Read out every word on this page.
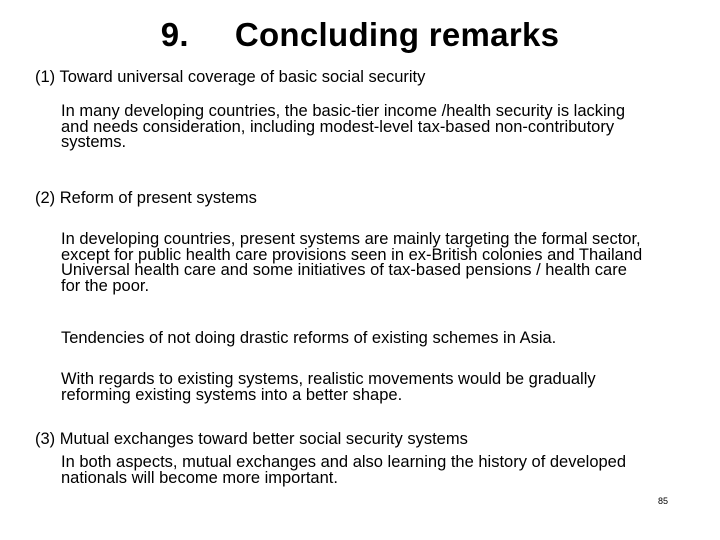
9. Concluding remarks
(1) Toward universal coverage of basic social security
In many developing countries, the basic-tier income /health security is lacking
and needs consideration, including modest-level tax-based non-contributory
systems.
(2) Reform of present systems
In developing countries, present systems are mainly targeting the formal sector,
except for public health care provisions seen in ex-British colonies and Thailand
Universal health care and some initiatives of tax-based pensions / health care
for the poor.
Tendencies of not doing drastic reforms of existing schemes in Asia.
With regards to existing systems, realistic movements would be gradually
reforming existing systems into a better shape.
(3) Mutual exchanges toward better social security systems
In both aspects, mutual exchanges and also learning the history of developed
nationals will become more important.
85
